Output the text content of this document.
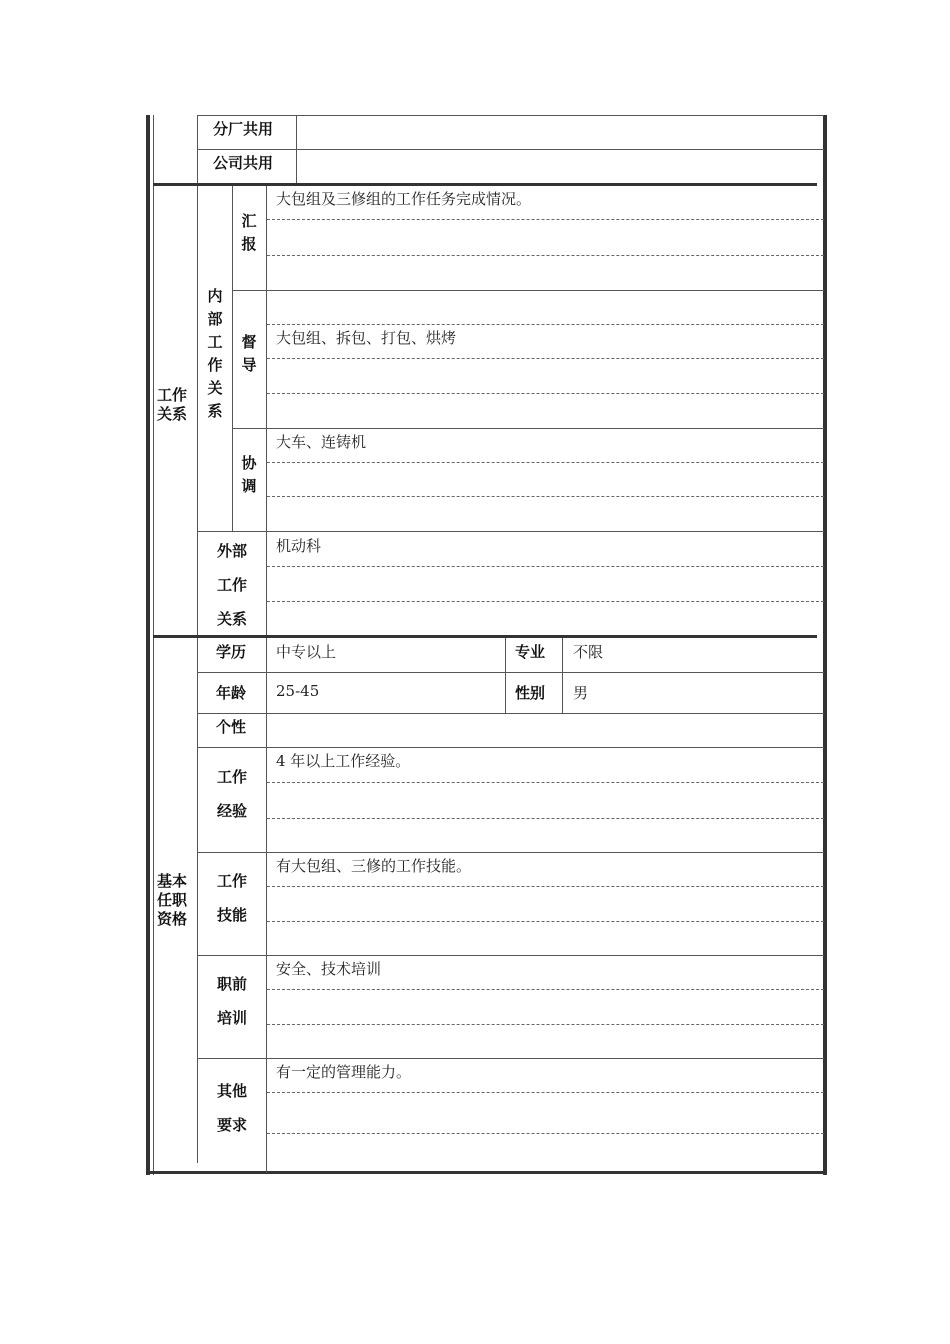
分厂共用
公司共用
工作
关系
内
部
工
作
关
系
汇
报
大包组及三修组的工作任务完成情况。
督
导
大包组、拆包、打包、烘烤
协
调
大车、连铸机
外部
工作
关系
机动科
基本
任职
资格
学历 中专以上	专业 不限
年龄 25-45	性别 男
个性
工作
经验
4 年以上工作经验。
工作
技能
有大包组、三修的工作技能。
职前
培训
安全、技术培训
其他
要求
有一定的管理能力。
